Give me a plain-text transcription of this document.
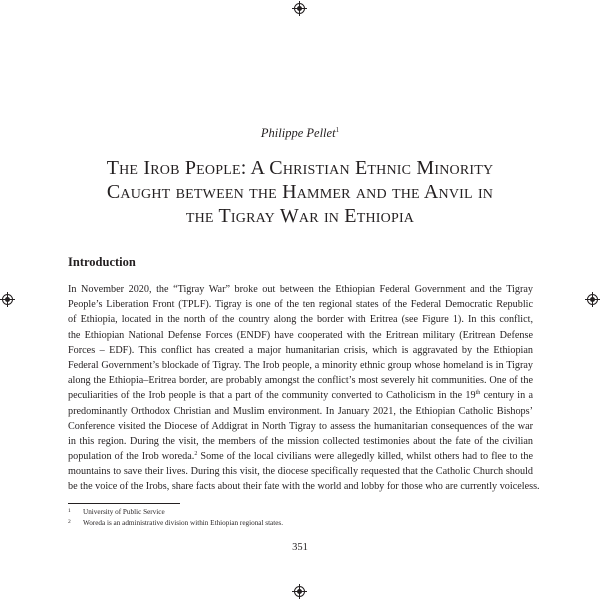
Philippe Pellet$^1$
The Irob People: A Christian Ethnic Minority
Caught between the Hammer and the Anvil in
the Tigray War in Ethiopia
Introduction
In November 2020, the “Tigray War” broke out between the Ethiopian Federal Government and the Tigray
People’s Liberation Front (TPLF). Tigray is one of the ten regional states of the Federal Democratic Republic
of Ethiopia, located in the north of the country along the border with Eritrea (see Figure 1). In this conflict,
the Ethiopian National Defense Forces (ENDF) have cooperated with the Eritrean military (Eritrean Defense
Forces – EDF). This conflict has created a major humanitarian crisis, which is aggravated by the Ethiopian
Federal Government’s blockade of Tigray. The Irob people, a minority ethnic group whose homeland is in Tigray
along the Ethiopia–Eritrea border, are probably amongst the conflict’s most severely hit communities. One of the
peculiarities of the Irob people is that a part of the community converted to Catholicism in the 19th century in a
predominantly Orthodox Christian and Muslim environment. In January 2021, the Ethiopian Catholic Bishops’
Conference visited the Diocese of Addigrat in North Tigray to assess the humanitarian consequences of the war
in this region. During the visit, the members of the mission collected testimonies about the fate of the civilian
population of the Irob woreda.$^2$ Some of the local civilians were allegedly killed, whilst others had to flee to the
mountains to save their lives. During this visit, the diocese specifically requested that the Catholic Church should
be the voice of the Irobs, share facts about their fate with the world and lobby for those who are currently voiceless.
1 University of Public Service
2 Woreda is an administrative division within Ethiopian regional states.
351
